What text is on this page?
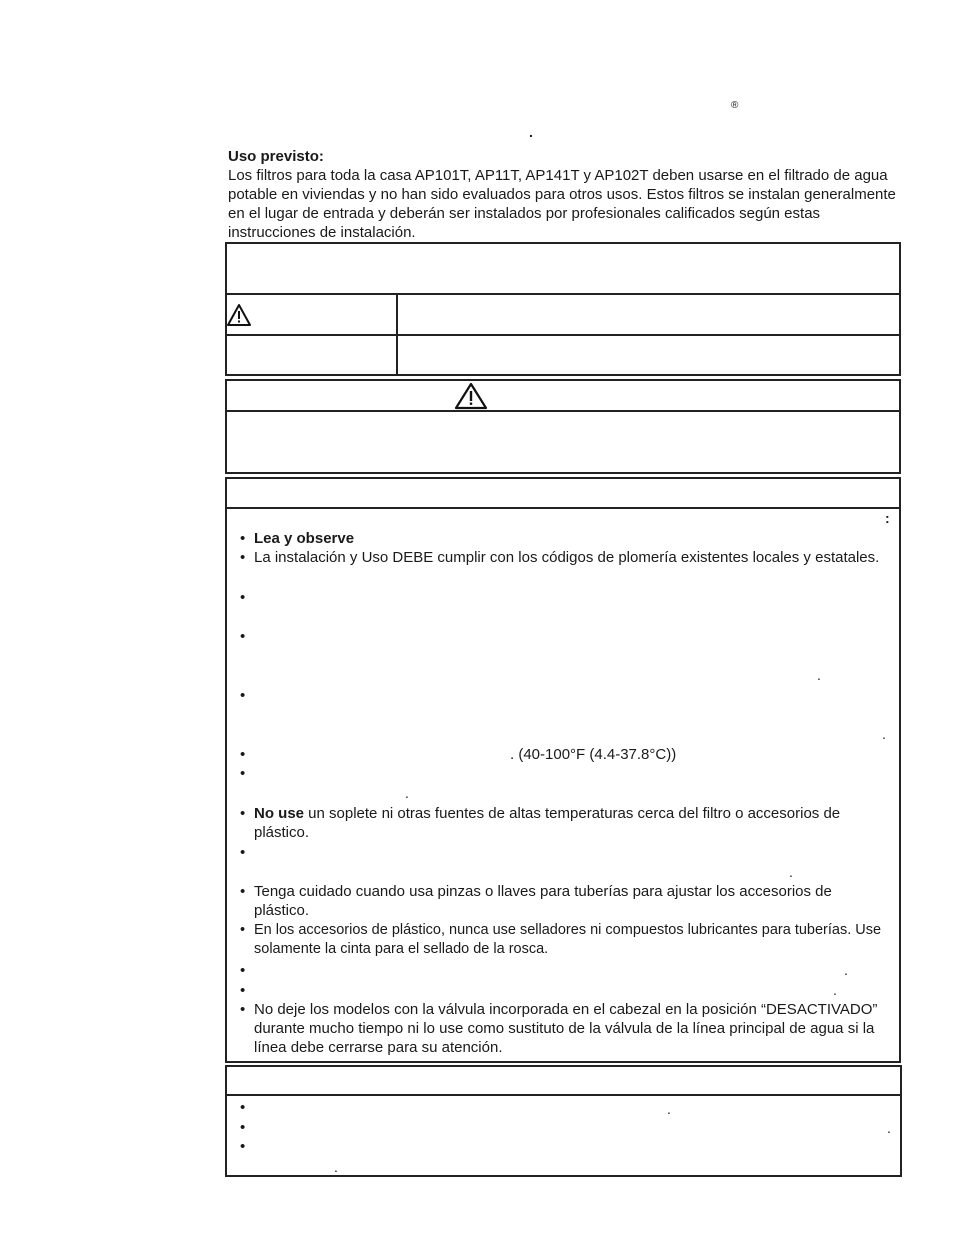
®
.
Uso previsto:
Los filtros para toda la casa AP101T, AP11T, AP141T y AP102T deben usarse en el filtrado de agua potable en viviendas y no han sido evaluados para otros usos. Estos filtros se instalan generalmente en el lugar de entrada y deberán ser instalados por profesionales calificados según estas instrucciones de instalación.
:
• Lea y observe
• La instalación y Uso DEBE cumplir con los códigos de plomería existentes locales y estatales.
•
•
•
•	. (40-100°F (4.4-37.8°C))
•
• No use un soplete ni otras fuentes de altas temperaturas cerca del filtro o accesorios de plástico.
•
• Tenga cuidado cuando usa pinzas o llaves para tuberías para ajustar los accesorios de plástico.
• En los accesorios de plástico, nunca use selladores ni compuestos lubricantes para tuberías. Use solamente la cinta para el sellado de la rosca.
•
•
• No deje los modelos con la válvula incorporada en el cabezal en la posición “DESACTIVADO” durante mucho tiempo ni lo use como sustituto de la válvula de la línea principal de agua si la línea debe cerrarse para su atención.
.
.
.
.
.
.
•
•
•
.
.
.
